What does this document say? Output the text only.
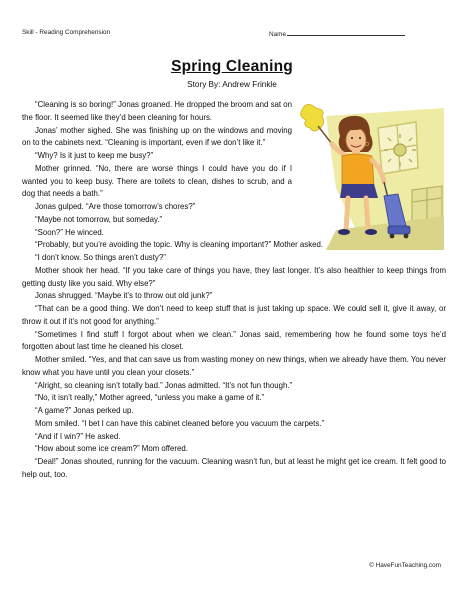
Skill - Reading Comprehension	Name
Spring Cleaning
Story By: Andrew Frinkle

“Cleaning is so boring!” Jonas groaned. He dropped the broom and sat on the floor. It seemed like they’d been cleaning for hours.

Jonas’ mother sighed. She was finishing up on the windows and moving on to the cabinets next. “Cleaning is important, even if we don’t like it.”

“Why? Is it just to keep me busy?”

Mother grinned. “No, there are worse things I could have you do if I wanted you to keep busy. There are toilets to clean, dishes to scrub, and a dog that needs a bath.”

Jonas gulped. “Are those tomorrow’s chores?”

“Maybe not tomorrow, but someday.”

“Soon?” He winced.

“Probably, but you’re avoiding the topic. Why is cleaning important?” Mother asked.

“I don’t know. So things aren’t dusty?”

Mother shook her head. “If you take care of things you have, they last longer. It’s also healthier to keep things from getting dusty like you said. Why else?”

Jonas shrugged. “Maybe it’s to throw out old junk?”

“That can be a good thing. We don’t need to keep stuff that is just taking up space. We could sell it, give it away, or throw it out if it’s not good for anything.”

“Sometimes I find stuff I forgot about when we clean.” Jonas said, remembering how he found some toys he’d forgotten about last time he cleaned his closet.

Mother smiled. “Yes, and that can save us from wasting money on new things, when we already have them. You never know what you have until you clean your closets.”

“Alright, so cleaning isn’t totally bad.” Jonas admitted. “It’s not fun though.”

“No, it isn’t really,” Mother agreed, “unless you make a game of it.”

“A game?” Jonas perked up.

Mom smiled. “I bet I can have this cabinet cleaned before you vacuum the carpets.”

“And if I win?” He asked.

“How about some ice cream?” Mom offered.

“Deal!” Jonas shouted, running for the vacuum. Cleaning wasn’t fun, but at least he might get ice cream. It felt good to help out, too.

© HaveFunTeaching.com
